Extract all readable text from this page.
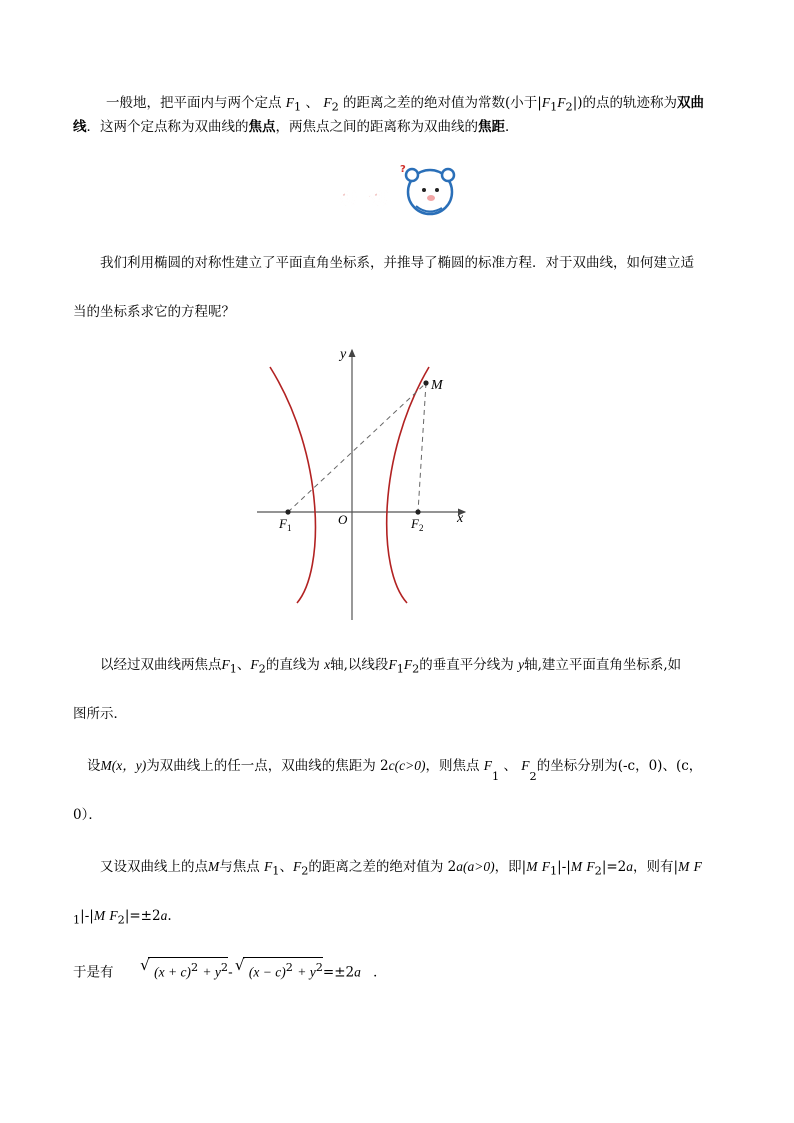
一般地，把平面内与两个定点 $F_1$ 、 $F_2$ 的距离之差的绝对值为常数(小于$|F_1F_2|$)的点的轨迹称为双曲
线．这两个定点称为双曲线的焦点，两焦点之间的距离称为双曲线的焦距．
想一想
?
我们利用椭圆的对称性建立了平面直角坐标系，并推导了椭圆的标准方程．对于双曲线，如何建立适
当的坐标系求它的方程呢？
y
x
O
M
F 1	F 2
以经过双曲线两焦点$F_1$、$F_2$的直线为 x轴,以线段$F_1F_2$的垂直平分线为 y轴,建立平面直角坐标系,如
图所示．
设M(x，y)为双曲线上的任一点，双曲线的焦距为 2c(c>0)，则焦点 $F_1$ 、 $F_2$的坐标分别为(-c，0)、(c，
0）．
又设双曲线上的点M与焦点 $F_1$、$F_2$的距离之差的绝对值为 2a(a>0)，即|M $F_1|-|M$ $F_2|=2a$，则有|M F
$_1$|-|M $F_2|=\pm 2a$.
于是有 √ $(x + c)^2 + y^2-$ √ $(x - c)^2 + y^2=\pm 2a$ ．
